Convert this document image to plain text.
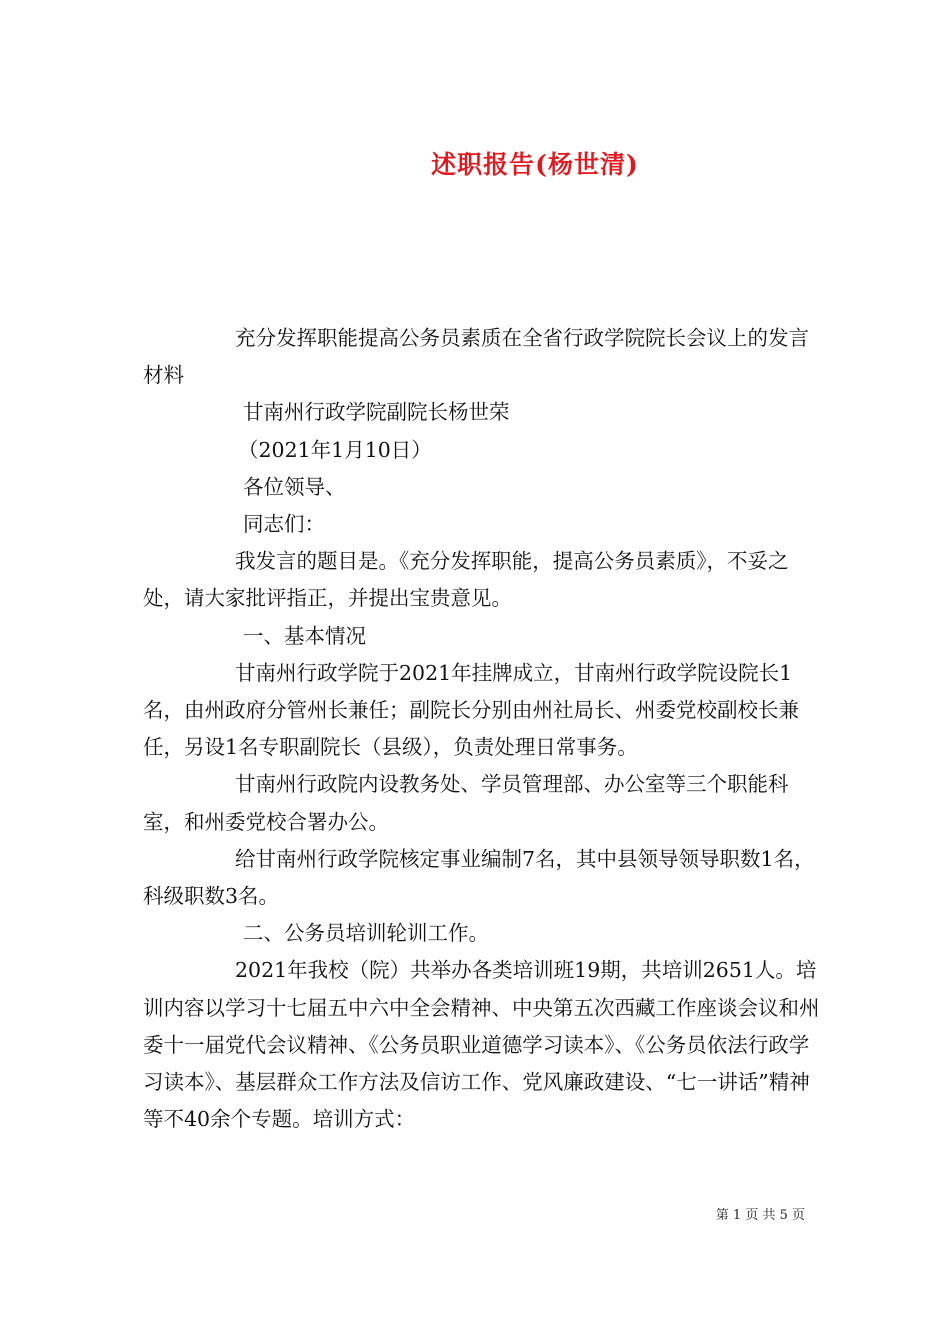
述职报告(杨世清)

充分发挥职能提高公务员素质在全省行政学院院长会议上的发言材料

甘南州行政学院副院长杨世荣

（2021年1月10日）

各位领导、

同志们：

我发言的题目是。《充分发挥职能，提高公务员素质》，不妥之处，请大家批评指正，并提出宝贵意见。

一、基本情况

甘南州行政学院于2021年挂牌成立，甘南州行政学院设院长1名，由州政府分管州长兼任；副院长分别由州社局长、州委党校副校长兼任，另设1名专职副院长（县级），负责处理日常事务。

甘南州行政院内设教务处、学员管理部、办公室等三个职能科室，和州委党校合署办公。

给甘南州行政学院核定事业编制7名，其中县领导领导职数1名，科级职数3名。

二、公务员培训轮训工作。

2021年我校（院）共举办各类培训班19期，共培训2651人。培训内容以学习十七届五中六中全会精神、中央第五次西藏工作座谈会议和州委十一届党代会议精神、《公务员职业道德学习读本》、《公务员依法行政学习读本》、基层群众工作方法及信访工作、党风廉政建设、“七一讲话”精神等不40余个专题。培训方式：

第 1 页 共 5 页
